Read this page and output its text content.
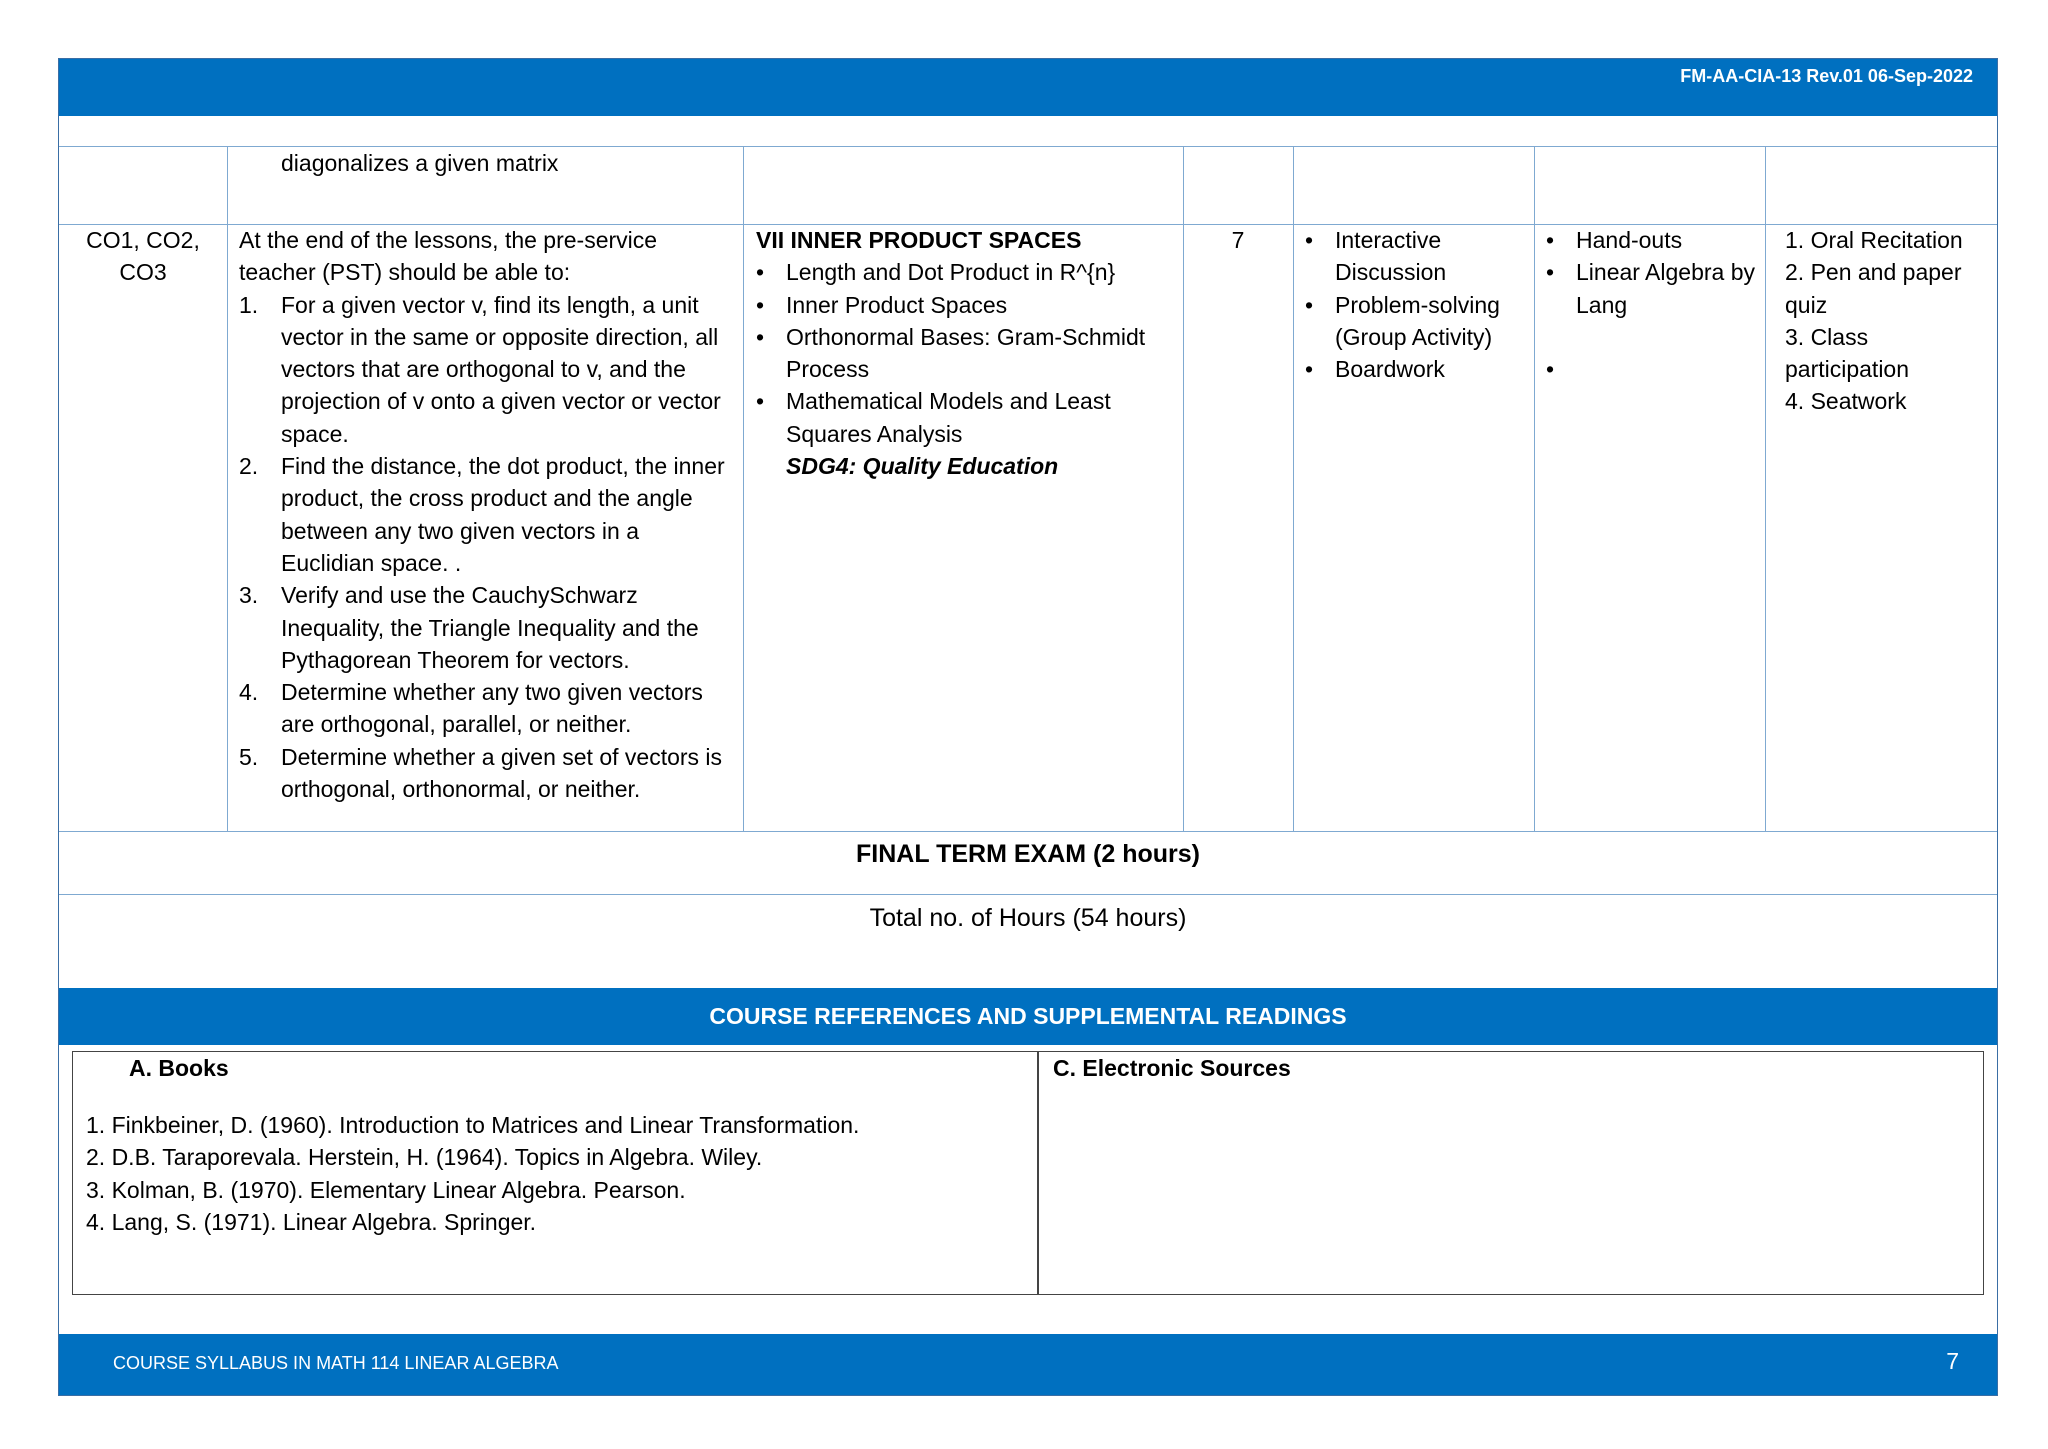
FM-AA-CIA-13 Rev.01 06-Sep-2022
diagonalizes a given matrix
CO1, CO2,
CO3
At the end of the lessons, the pre-service teacher (PST) should be able to:
1. For a given vector v, find its length, a unit vector in the same or opposite direction, all vectors that are orthogonal to v, and the projection of v onto a given vector or vector space.
2. Find the distance, the dot product, the inner product, the cross product and the angle between any two given vectors in a Euclidian space. .
3. Verify and use the CauchySchwarz Inequality, the Triangle Inequality and the Pythagorean Theorem for vectors.
4. Determine whether any two given vectors are orthogonal, parallel, or neither.
5. Determine whether a given set of vectors is orthogonal, orthonormal, or neither.
VII INNER PRODUCT SPACES
• Length and Dot Product in R^{n}
• Inner Product Spaces
• Orthonormal Bases: Gram-Schmidt Process
• Mathematical Models and Least Squares Analysis
SDG4: Quality Education
7	• Interactive Discussion
• Problem-solving (Group Activity)
• Boardwork
• Hand-outs
• Linear Algebra by Lang
•
1. Oral Recitation
2. Pen and paper quiz
3. Class participation
4. Seatwork
FINAL TERM EXAM (2 hours)
Total no. of Hours (54 hours)
COURSE REFERENCES AND SUPPLEMENTAL READINGS
A. Books
1. Finkbeiner, D. (1960). Introduction to Matrices and Linear Transformation.
2. D.B. Taraporevala. Herstein, H. (1964). Topics in Algebra. Wiley.
3. Kolman, B. (1970). Elementary Linear Algebra. Pearson.
4. Lang, S. (1971). Linear Algebra. Springer.
C. Electronic Sources
COURSE SYLLABUS IN MATH 114 LINEAR ALGEBRA	7
